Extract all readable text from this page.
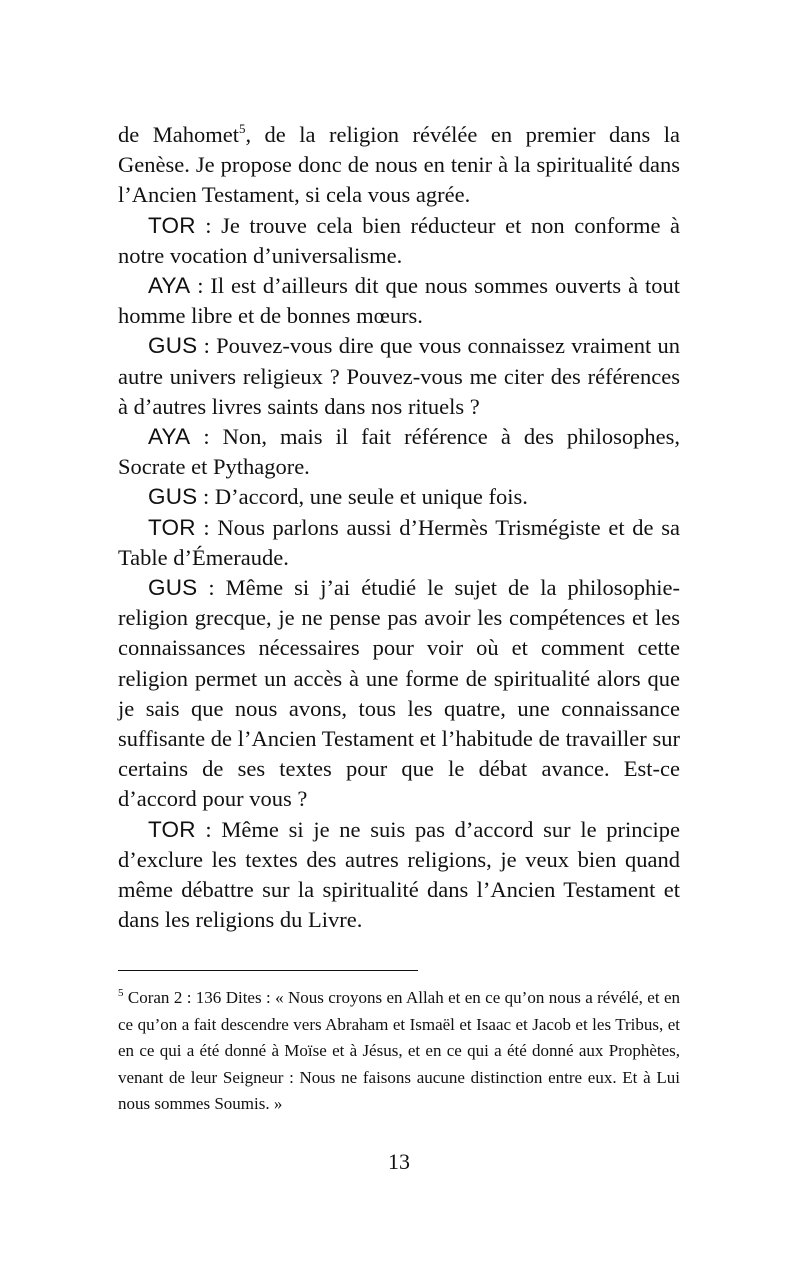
de Mahomet$^5$, de la religion révélée en premier dans la Genèse. Je propose donc de nous en tenir à la spiritualité dans l’Ancien Testament, si cela vous agrée.

TOR : Je trouve cela bien réducteur et non conforme à notre vocation d’universalisme.

AYA : Il est d’ailleurs dit que nous sommes ouverts à tout homme libre et de bonnes mœurs.

GUS : Pouvez-vous dire que vous connaissez vraiment un autre univers religieux ? Pouvez-vous me citer des références à d’autres livres saints dans nos rituels ?

AYA : Non, mais il fait référence à des philosophes, Socrate et Pythagore.

GUS : D’accord, une seule et unique fois.

TOR : Nous parlons aussi d’Hermès Trismégiste et de sa Table d’Émeraude.

GUS : Même si j’ai étudié le sujet de la philosophie-religion grecque, je ne pense pas avoir les compétences et les connaissances nécessaires pour voir où et comment cette religion permet un accès à une forme de spiritualité alors que je sais que nous avons, tous les quatre, une connaissance suffisante de l’Ancien Testament et l’habitude de travailler sur certains de ses textes pour que le débat avance. Est-ce d’accord pour vous ?

TOR : Même si je ne suis pas d’accord sur le principe d’exclure les textes des autres religions, je veux bien quand même débattre sur la spiritualité dans l’Ancien Testament et dans les religions du Livre.

$^5$ Coran 2 : 136 Dites : « Nous croyons en Allah et en ce qu’on nous a révélé, et en ce qu’on a fait descendre vers Abraham et Ismaël et Isaac et Jacob et les Tribus, et en ce qui a été donné à Moïse et à Jésus, et en ce qui a été donné aux Prophètes, venant de leur Seigneur : Nous ne faisons aucune distinction entre eux. Et à Lui nous sommes Soumis. »

13
